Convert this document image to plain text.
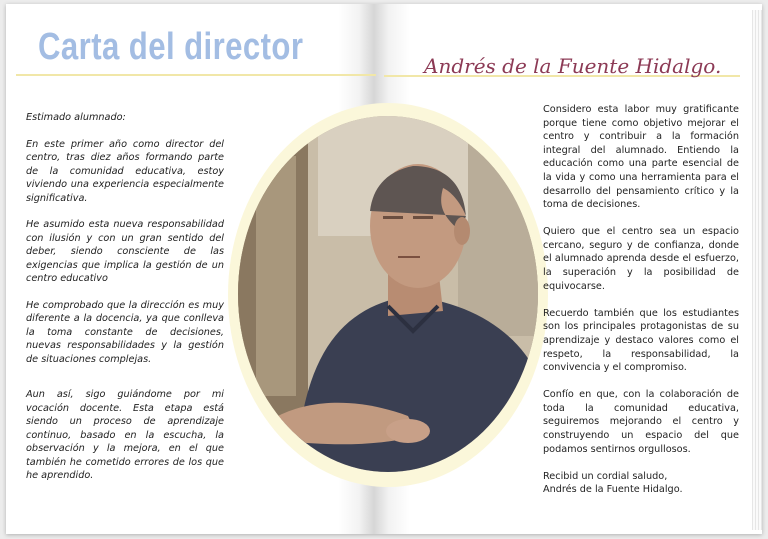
Carta del director	Andrés de la Fuente Hidalgo.

Estimado alumnado:

En este primer año como director del centro, tras diez años formando parte de la comunidad educativa, estoy viviendo una experiencia especialmente significativa.

He asumido esta nueva responsabilidad con ilusión y con un gran sentido del deber, siendo consciente de las exigencias que implica la gestión de un centro educativo

He comprobado que la dirección es muy diferente a la docencia, ya que conlleva la toma constante de decisiones, nuevas responsabilidades y la gestión de situaciones complejas.

Aun así, sigo guiándome por mi vocación docente. Esta etapa está siendo un proceso de aprendizaje continuo, basado en la escucha, la observación y la mejora, en el que también he cometido errores de los que he aprendido.

Considero esta labor muy gratificante porque tiene como objetivo mejorar el centro y contribuir a la formación integral del alumnado. Entiendo la educación como una parte esencial de la vida y como una herramienta para el desarrollo del pensamiento crítico y la toma de decisiones.

Quiero que el centro sea un espacio cercano, seguro y de confianza, donde el alumnado aprenda desde el esfuerzo, la superación y la posibilidad de equivocarse.

Recuerdo también que los estudiantes son los principales protagonistas de su aprendizaje y destaco valores como el respeto, la responsabilidad, la convivencia y el compromiso.

Confío en que, con la colaboración de toda la comunidad educativa, seguiremos mejorando el centro y construyendo un espacio del que podamos sentirnos orgullosos.

Recibid un cordial saludo,
Andrés de la Fuente Hidalgo.
